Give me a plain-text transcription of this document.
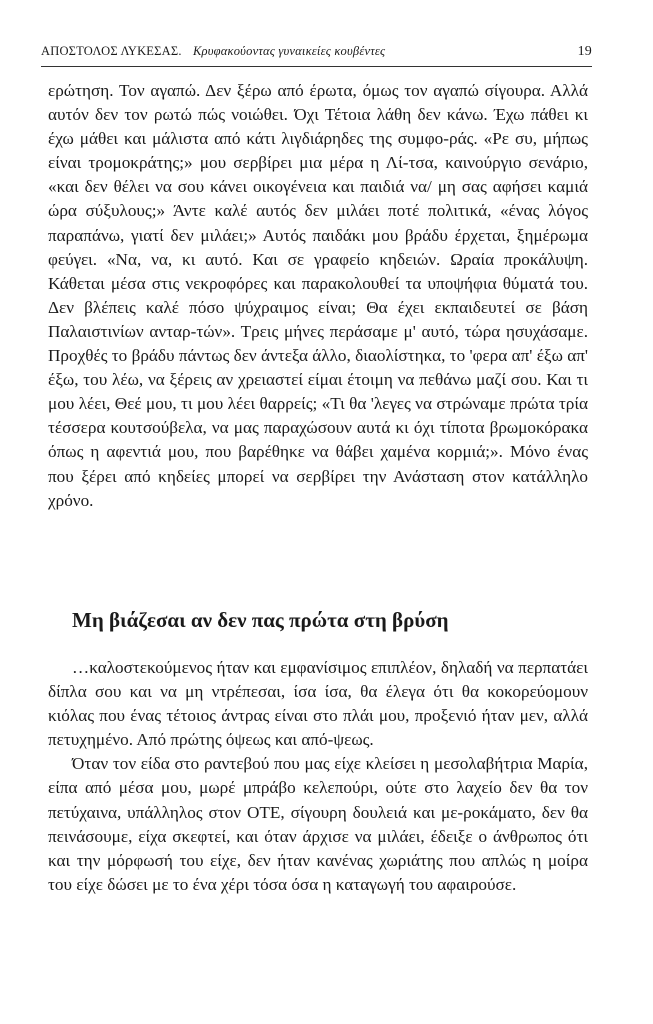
ΑΠΟΣΤΟΛΟΣ ΛΥΚΕΣΑΣ. Κρυφακούοντας γυναικείες κουβέντες	19

ερώτηση. Τον αγαπώ. Δεν ξέρω από έρωτα, όμως τον αγαπώ σίγουρα. Αλλά αυτόν δεν τον ρωτώ πώς νοιώθει. Όχι Τέτοια λάθη δεν κάνω. Έχω πάθει κι έχω μάθει και μάλιστα από κάτι λιγδιάρηδες της συμφο-ράς. «Ρε συ, μήπως είναι τρομοκράτης;» μου σερβίρει μια μέρα η Λί-τσα, καινούργιο σενάριο, «και δεν θέλει να σου κάνει οικογένεια και παιδιά να/ μη σας αφήσει καμιά ώρα σύξυλους;» Άντε καλέ αυτός δεν μιλάει ποτέ πολιτικά, «ένας λόγος παραπάνω, γιατί δεν μιλάει;» Αυτός παιδάκι μου βράδυ έρχεται, ξημέρωμα φεύγει. «Να, να, κι αυτό. Και σε γραφείο κηδειών. Ωραία προκάλυψη. Κάθεται μέσα στις νεκροφόρες και παρακολουθεί τα υποψήφια θύματά του. Δεν βλέπεις καλέ πόσο ψύχραιμος είναι; Θα έχει εκπαιδευτεί σε βάση Παλαιστινίων ανταρ-τών». Τρεις μήνες περάσαμε μ' αυτό, τώρα ησυχάσαμε. Προχθές το βράδυ πάντως δεν άντεξα άλλο, διαολίστηκα, το 'φερα απ' έξω απ' έξω, του λέω, να ξέρεις αν χρειαστεί είμαι έτοιμη να πεθάνω μαζί σου. Και τι μου λέει, Θεέ μου, τι μου λέει θαρρείς; «Τι θα 'λεγες να στρώναμε πρώτα τρία τέσσερα κουτσούβελα, να μας παραχώσουν αυτά κι όχι τίποτα βρωμοκόρακα όπως η αφεντιά μου, που βαρέθηκε να θάβει χαμένα κορμιά;». Μόνο ένας που ξέρει από κηδείες μπορεί να σερβίρει την Ανάσταση στον κατάλληλο χρόνο.

Μη βιάζεσαι αν δεν πας πρώτα στη βρύση

…καλοστεκούμενος ήταν και εμφανίσιμος επιπλέον, δηλαδή να περπατάει δίπλα σου και να μη ντρέπεσαι, ίσα ίσα, θα έλεγα ότι θα κοκορεύομουν κιόλας που ένας τέτοιος άντρας είναι στο πλάι μου, προξενιό ήταν μεν, αλλά πετυχημένο. Από πρώτης όψεως και από-ψεως.

Όταν τον είδα στο ραντεβού που μας είχε κλείσει η μεσολαβήτρια Μαρία, είπα από μέσα μου, μωρέ μπράβο κελεπούρι, ούτε στο λαχείο δεν θα τον πετύχαινα, υπάλληλος στον ΟΤΕ, σίγουρη δουλειά και με-ροκάματο, δεν θα πεινάσουμε, είχα σκεφτεί, και όταν άρχισε να μιλάει, έδειξε ο άνθρωπος ότι και την μόρφωσή του είχε, δεν ήταν κανένας χωριάτης που απλώς η μοίρα του είχε δώσει με το ένα χέρι τόσα όσα η καταγωγή του αφαιρούσε.
